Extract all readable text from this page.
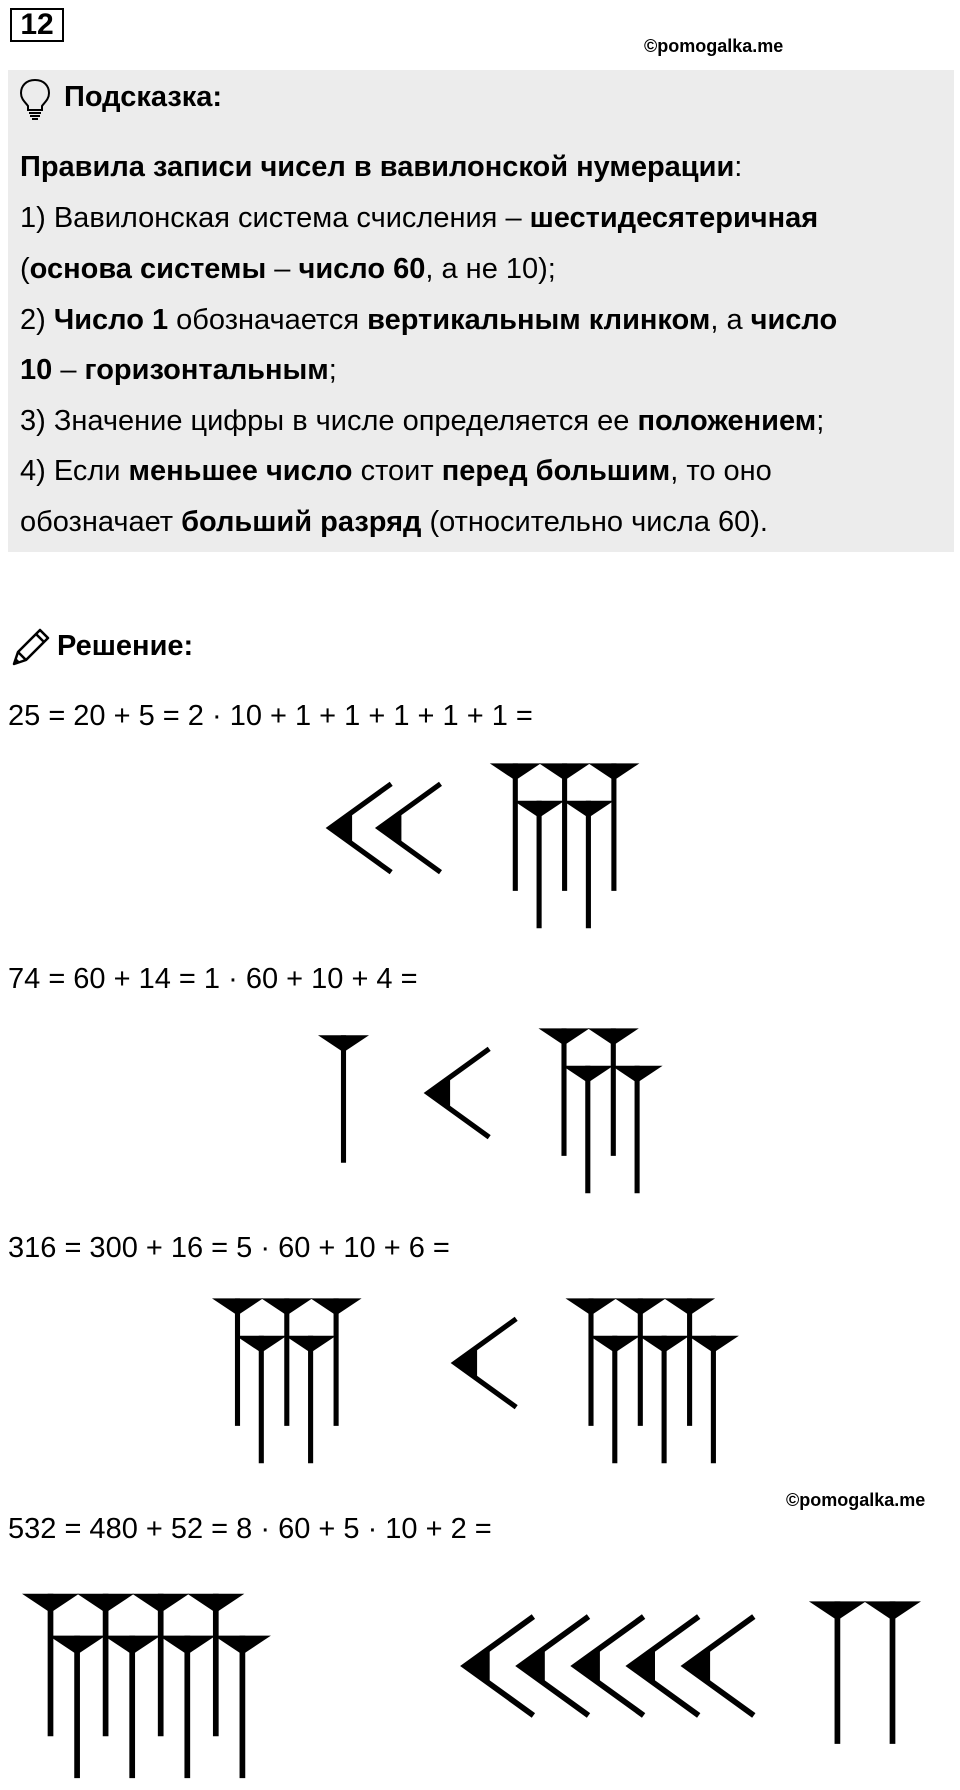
12
©pomogalka.me
Подсказка:
Правила записи чисел в вавилонской нумерации:
1) Вавилонская система счисления – шестидесятеричная
(основа системы – число 60, а не 10);
2) Число 1 обозначается вертикальным клинком, а число
10 – горизонтальным;
3) Значение цифры в числе определяется ее положением;
4) Если меньшее число стоит перед большим, то оно
обозначает больший разряд (относительно числа 60).
Решение:
25 = 20 + 5 = 2 · 10 + 1 + 1 + 1 + 1 + 1 =
74 = 60 + 14 = 1 · 60 + 10 + 4 =
316 = 300 + 16 = 5 · 60 + 10 + 6 =
532 = 480 + 52 = 8 · 60 + 5 · 10 + 2 =
©pomogalka.me
